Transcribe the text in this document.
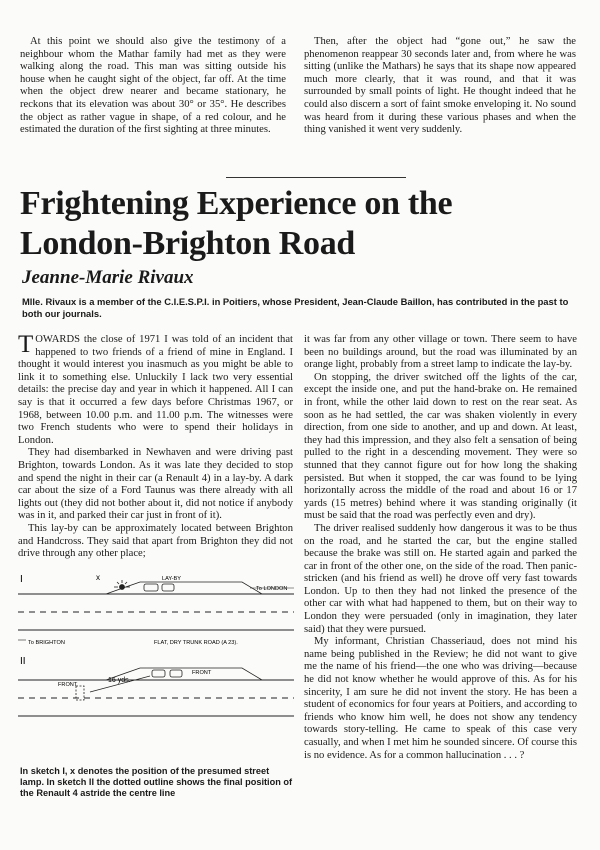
At this point we should also give the testimony of a neighbour whom the Mathar family had met as they were walking along the road. This man was sitting outside his house when he caught sight of the object, far off. At the time when the object drew nearer and became stationary, he reckons that its elevation was about 30° or 35°. He describes the object as rather vague in shape, of a red colour, and he estimated the duration of the first sighting at three minutes.

Then, after the object had “gone out,” he saw the phenomenon reappear 30 seconds later and, from where he was sitting (unlike the Mathars) he says that its shape now appeared much more clearly, that it was round, and that it was surrounded by small points of light. He thought indeed that he could also discern a sort of faint smoke enveloping it. No sound was heard from it during these various phases and when the thing vanished it went very suddenly.

Frightening Experience on the London-Brighton Road
Jeanne-Marie Rivaux
Mlle. Rivaux is a member of the C.I.E.S.P.I. in Poitiers, whose President, Jean-Claude Baillon, has contributed in the past to both our journals.

TOWARDS the close of 1971 I was told of an incident that happened to two friends of a friend of mine in England. I thought it would interest you inasmuch as you might be able to link it to something else. Unluckily I lack two very essential details: the precise day and year in which it happened. All I can say is that it occurred a few days before Christmas 1967, or 1968, between 10.00 p.m. and 11.00 p.m. The witnesses were two French students who were to spend their holidays in London.

They had disembarked in Newhaven and were driving past Brighton, towards London. As it was late they decided to stop and spend the night in their car (a Renault 4) in a lay-by. A dark car about the size of a Ford Taunus was there already with all lights out (they did not bother about it, did not notice if anybody was in it, and parked their car just in front of it).

This lay-by can be approximately located between Brighton and Handcross. They said that apart from Brighton they did not drive through any other place;

I	x	LAY-BY
To LONDON
To BRIGHTON	FLAT, DRY TRUNK ROAD (A 23).
II
FRONT
FRONT
16 yds.
In sketch I, x denotes the position of the presumed street lamp. In sketch II the dotted outline shows the final position of the Renault 4 astride the centre line

it was far from any other village or town. There seem to have been no buildings around, but the road was illuminated by an orange light, probably from a street lamp to indicate the lay-by.

On stopping, the driver switched off the lights of the car, except the inside one, and put the hand-brake on. He remained in front, while the other laid down to rest on the rear seat. As soon as he had settled, the car was shaken violently in every direction, from one side to another, and up and down. At least, they had this impression, and they also felt a sensation of being pulled to the right in a descending movement. They were so stunned that they cannot figure out for how long the shaking persisted. But when it stopped, the car was found to be lying horizontally across the middle of the road and about 16 or 17 yards (15 metres) behind where it was standing originally (it must be said that the road was perfectly even and dry).

The driver realised suddenly how dangerous it was to be thus on the road, and he started the car, but the engine stalled because the brake was still on. He started again and parked the car in front of the other one, on the side of the road. Then panic-stricken (and his friend as well) he drove off very fast towards London. Up to then they had not linked the presence of the other car with what had happened to them, but on their way to London they were persuaded (only in imagination, they later said) that they were pursued.

My informant, Christian Chasseriaud, does not mind his name being published in the Review; he did not want to give me the name of his friend—the one who was driving—because he did not know whether he would approve of this. As for his sincerity, I am sure he did not invent the story. He has been a student of economics for four years at Poitiers, and according to friends who know him well, he does not show any tendency towards story-telling. He came to speak of this case very casually, and when I met him he sounded sincere. Of course this is no evidence. As for a common hallucination . . . ?
